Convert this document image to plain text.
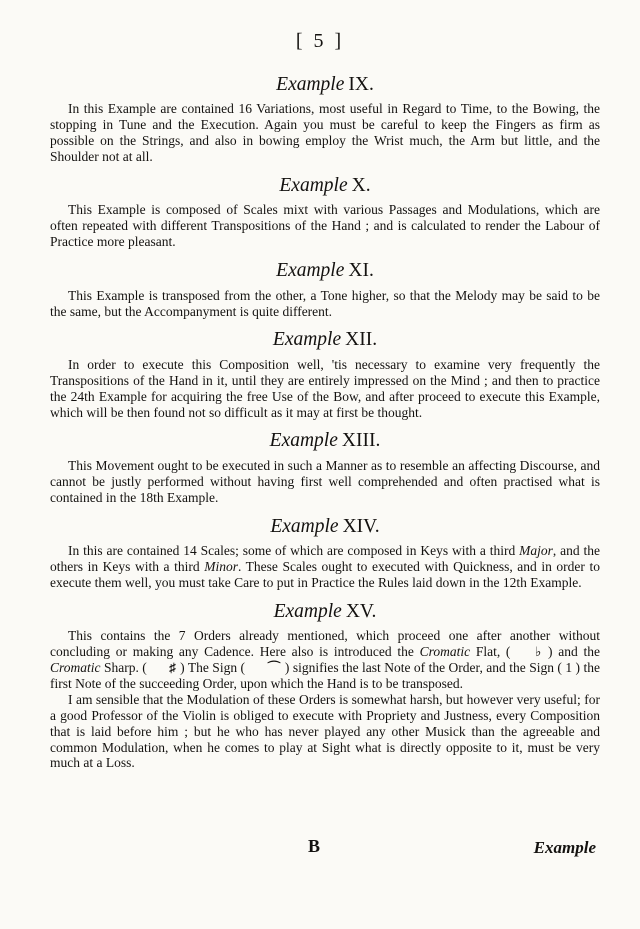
[ 5 ]
Example IX.

In this Example are contained 16 Variations, most useful in Regard to Time, to the Bowing, the stopping in Tune and the Execution. Again you must be careful to keep the Fingers as firm as possible on the Strings, and also in bowing employ the Wrist much, the Arm but little, and the Shoulder not at all.

Example X.

This Example is composed of Scales mixt with various Passages and Modulations, which are often repeated with different Transpositions of the Hand ; and is calculated to render the Labour of Practice more pleasant.

Example XI.

This Example is transposed from the other, a Tone higher, so that the Melody may be said to be the same, but the Accompanyment is quite different.

Example XII.

In order to execute this Composition well, 'tis necessary to examine very frequently the Transpositions of the Hand in it, until they are entirely impressed on the Mind ; and then to practice the 24th Example for acquiring the free Use of the Bow, and after proceed to execute this Example, which will be then found not so difficult as it may at first be thought.

Example XIII.

This Movement ought to be executed in such a Manner as to resemble an affecting Discourse, and cannot be justly performed without having first well comprehended and often practised what is contained in the 18th Example.

Example XIV.

In this are contained 14 Scales; some of which are composed in Keys with a third Major, and the others in Keys with a third Minor. These Scales ought to executed with Quickness, and in order to execute them well, you must take Care to put in Practice the Rules laid down in the 12th Example.

Example XV.

This contains the 7 Orders already mentioned, which proceed one after another without concluding or making any Cadence. Here also is introduced the Cromatic Flat, ( ♭ ) and the Cromatic Sharp. ( ♯ ) The Sign ( ⌒ ) signifies the last Note of the Order, and the Sign ( 1 ) the first Note of the succeeding Order, upon which the Hand is to be transposed.

I am sensible that the Modulation of these Orders is somewhat harsh, but however very useful; for a good Professor of the Violin is obliged to execute with Propriety and Justness, every Composition that is laid before him ; but he who has never played any other Musick than the agreeable and common Modulation, when he comes to play at Sight what is directly opposite to it, must be very much at a Loss.

B	Example
